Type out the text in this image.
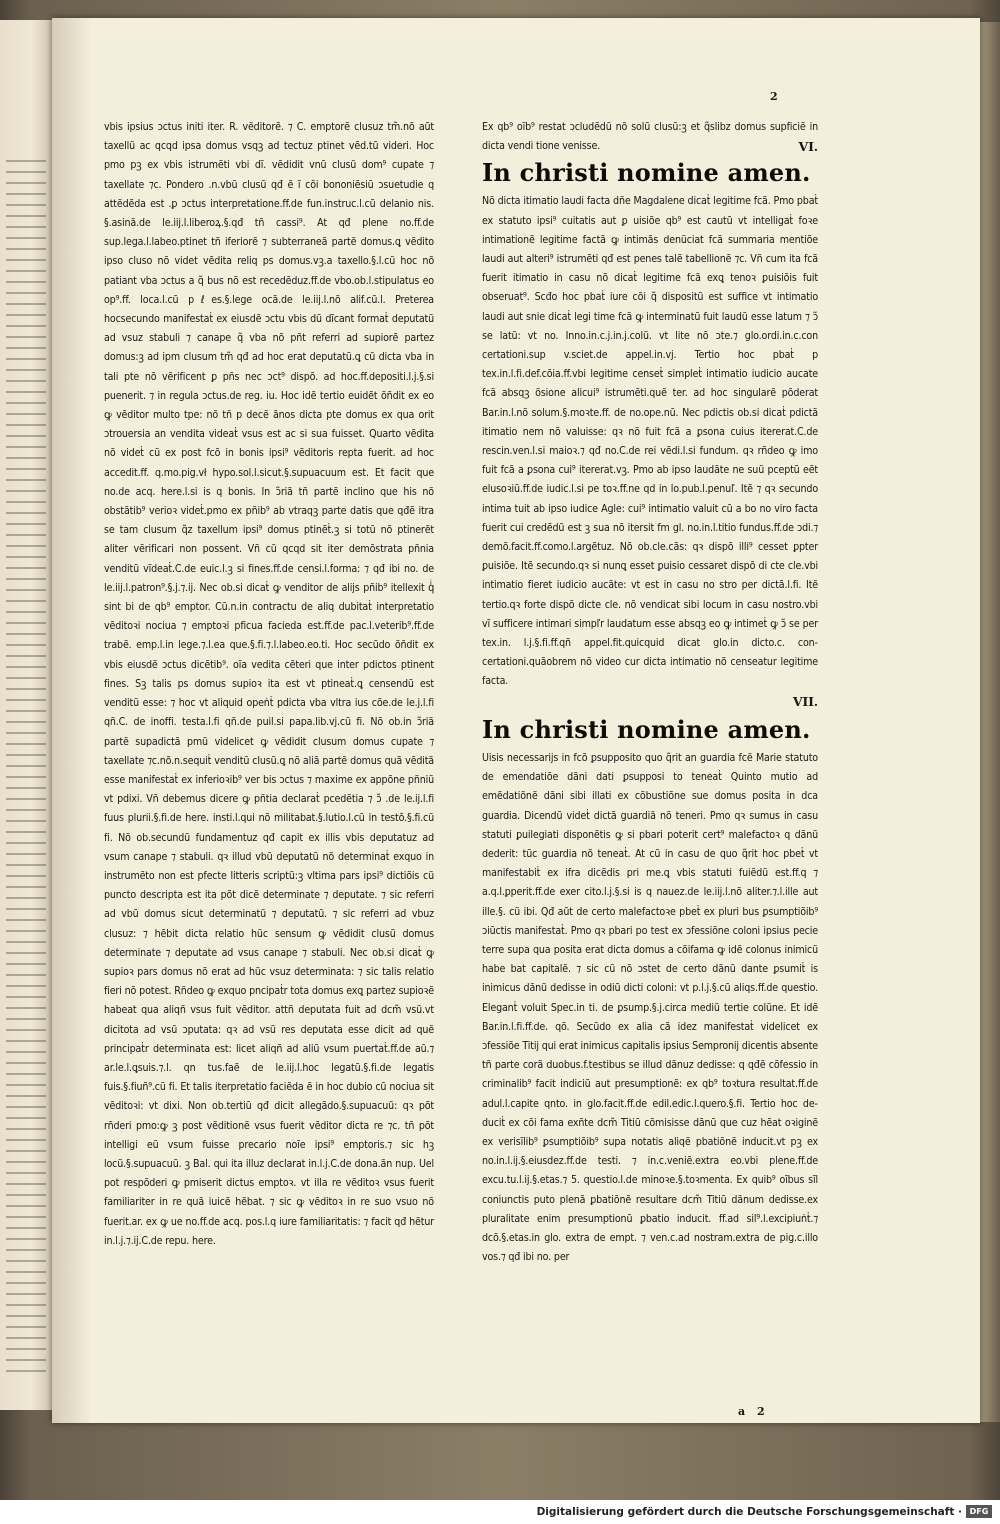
2

vbis ipsius ɔctus initi iter. R. vẽditorẽ. ⁊ C. emptorẽ clusuz tm̃.nõ aũt taxellũ ac qcqd ipsa domus vsqꝫ ad tectuz ptinet vẽd.tũ videri. Hoc pmo pꝫ ex vbis istrumẽti vbi dĩ. vẽdidit vnũ clusũ dom⁹ cupate ⁊ taxellate ⁊c. Pondero .n.vbũ clusũ qđ ẽ ĩ cõi bononiẽsiũ ɔsuetudie q attẽdẽda est .ꝑ ɔctus interpretatione.ff.de fun.instruc.l.cũ delanio nis. §.asinã.de le.iij.l.liberoꝝ.§.qđ tñ cassi⁹. At qđ plene no.ff.de sup.lega.l.labeo.ptinet tñ iferiorẽ ⁊ subterraneã partẽ domus.ꝗ vẽdito ipso cluso nõ videt vẽdita reliq ps domus.vꝫ.a taxello.§.l.cũ hoc nõ patiant vba ɔctus a q̃ bus nõ est recedẽduz.ff.de vbo.ob.l.stipulatus eo op⁹.ff. loca.l.cũ pℓes.§.lege ocã.de le.iij.l.nõ alif.cũ.l. Preterea hocsecundo manifestaṫ ex eiusdẽ ɔctu vbis dũ dĩcant formaṫ deputatũ ad vsuz stabuli ⁊ canape q̃ vba nõ pñt referri ad supiorẽ partez domus:ꝫ ad ipm clusum tm̃ qđ ad hoc erat deputatũ.ꝗ cũ dicta vba in tali pte nõ vẽrificent ꝑ pñs nec ɔct⁹ dispõ. ad hoc.ff.depositi.l.j.§.si puenerit. ⁊ in regula ɔctus.de reg. iu. Hoc idẽ tertio euidẽt õñdit ex eo ꝙ vẽditor multo tpe: nõ tñ p decẽ ãnos dicta pte domus ex qua orit ɔtrouersia an vendita videaṫ vsus est ac si sua fuisset. Quarto vẽdita nõ videṫ cũ ex post fcõ in bonis ipsi⁹ vẽditoris repta fuerit. ad hoc accedit.ff. q.mo.pig.vł hypo.sol.l.sicut.§.supuacuum est. Et facit que no.de acq. here.l.si is q bonis. In ɔ̃riã tñ partẽ inclino que his nõ obstãtib⁹ verioꝛ videṫ.pmo ex pñib⁹ ab vtraqꝫ parte datis que qđẽ itra se tam clusum q̃z taxellum ipsi⁹ domus ptinẽṫ.ꝫ si totũ nõ ptinerẽt aliter vẽrificari non possent. Vñ cũ qcqd sit iter demõstrata pñnia venditũ vĩdeaṫ.C.de euic.l.ꝫ si fines.ff.de censi.l.forma: ⁊ qđ ibi no. de le.iij.l.patron⁹.§.j.⁊.ij. Nec ob.si dicaṫ ꝙ venditor de alijs pñib⁹ itellexit qͥ sint bi de qb⁹ emptor. Cũ.n.in contractu de aliq dubitaṫ interpretatio vẽditoꝛi nociua ⁊ emptoꝛi pficua facieda est.ff.de pac.l.veterib⁹.ff.de trabẽ. emp.l.in lege.⁊.l.ea que.§.fi.⁊.l.labeo.eo.ti. Hoc secũdo õñdit ex vbis eiusdẽ ɔctus dicẽtib⁹. oĩa vedita cẽteri que inter pdictos ptinent fines. Sꝫ talis ps domus supioꝛ ita est vt ptineaṫ.ꝗ censendũ est venditũ esse: ⁊ hoc vt aliquid opeṅṫ pdicta vba vltra ius cõe.de le.j.l.fi qñ.C. de inoffi. testa.l.fi qñ.de puil.si papa.lib.vj.cũ fi. Nõ ob.in ɔ̃riã partẽ supadictã pmũ videlicet ꝙ vẽdidit clusum domus cupate ⁊ taxellate ⁊c.nõ.n.sequiṫ venditũ clusũ.ꝗ nõ aliã partẽ domus quã vẽditã esse manifestaṫ ex inferioꝛib⁹ ver bis ɔctus ⁊ maxime ex appõne pñniũ vt pdixi. Vñ debemus dicere ꝙ pñtia declaraṫ pcedẽtia ⁊ ɔ̃ .de le.ij.l.fi fuus plurii.§.fi.de here. insti.l.qui nõ militabat.§.lutio.l.cũ in testõ.§.fi.cũ fi. Nõ ob.secundũ fundamentuz qđ capit ex illis vbis deputatuz ad vsum canape ⁊ stabuli. qꝛ illud vbũ deputatũ nõ determinaṫ exquo in instrumẽto non est pfecte litteris scriptũ:ꝫ vltima pars ipsi⁹ dictiõis cũ puncto descripta est ita põt dicẽ determinate ⁊ deputate. ⁊ sic referri ad vbũ domus sicut determinatũ ⁊ deputatũ. ⁊ sic referri ad vbuz clusuz: ⁊ hẽbit dicta relatio hũc sensum ꝙ vẽdidit clusũ domus determinate ⁊ deputate ad vsus canape ⁊ stabuli. Nec ob.si dicaṫ ꝙ supioꝛ pars domus nõ erat ad hũc vsuz determinata: ⁊ sic talis relatio fieri nõ potest. Rñdeo ꝙ exquo pncipaṫr tota domus exꝗ partez supioꝛẽ habeat qua aliqñ vsus fuit vẽditor. attñ deputata fuit ad dcm̃ vsũ.vt dicitota ad vsũ ɔputata: qꝛ ad vsũ res deputata esse dicit ad quẽ principaṫr determinata est: licet aliqñ ad aliũ vsum puertaṫ.ff.de aũ.⁊ ar.le.l.ꝗsuis.⁊.l. qn tus.faẽ de le.iij.l.hoc legatũ.§.fi.de legatis fuis.§.fiuñ⁹.cũ fi. Et talis iterpretatio faciẽda ẽ in hoc dubio cũ nociua sit vẽditoꝛi: vt dixi. Non ob.tertiũ qđ dicit allegãdo.§.supuacuũ: qꝛ põt rñderi pmo:ꝙ ꝫ post vẽditionẽ vsus fuerit vẽditor dicta re ⁊c. tñ põt intelligi eũ vsum fuisse precario noĩe ipsi⁹ emptoris.⁊ sic hꝫ locũ.§.supuacuũ. ꝫ Bal. qui ita illuz declarat in.l.j.C.de dona.ãn nup. Uel pot respõderi ꝙ pmiserit dictus emptoꝛ. vt illa re vẽditoꝛ vsus fuerit familiariter in re quã iuicẽ hẽbat. ⁊ sic ꝙ vẽditoꝛ in re suo vsuo nõ fuerit.ar. ex ꝙ ue no.ff.de acq. pos.l.q iure familiaritatis: ⁊ facit qđ hẽtur in.l.j.⁊.ij.C.de repu. here.

Ex qb⁹ oĩb⁹ restat ɔcludẽdũ nõ solũ clusũ:ꝫ et q̃slibz domus supficiẽ in dicta vendi tione venisse.	VI.

In christi nomine amen.

Nõ dicta itimatio laudi facta dñe Magdalene dicaṫ legitime fcã. Pmo pbaṫ ex statuto ipsi⁹ cuitatis aut ꝑ uisiõe qb⁹ est cautũ vt intelligaṫ foꝛe intimationẽ legitime factã ꝙ intimãs denũciat fcã summaria mentiõe laudi aut alteri⁹ istrumẽti qđ est penes talẽ tabellionẽ ⁊c. Vñ cum ita fcã fuerit itimatio in casu nõ dicaṫ legitime fcã exꝗ tenoꝛ ꝑuisiõis fuit obseruat⁹. Scđo hoc pbaṫ iure cõi q̃ dispositũ est suffice vt intimatio laudi aut snie dicaṫ legi time fcã ꝙ interminatũ fuit laudũ esse latum ⁊ ɔ̃ se latũ: vt no. Inno.in.c.j.in.j.colũ. vt lite nõ ɔte.⁊ glo.ordi.in.c.con certationi.sup v.sciet.de appel.in.vj. Tertio hoc pbaṫ p tex.in.l.fi.def.cõia.ff.vbi legitime censeṫ simpleṫ intimatio iudicio aucate fcã absqꝫ õsione alicui⁹ istrumẽti.quẽ ter. ad hoc singularẽ põderat Bar.in.l.nõ solum.§.moꝛte.ff. de no.ope.nũ. Nec pdictis ob.si dicaṫ pdictã itimatio nem nõ valuisse: qꝛ nõ fuit fcã a ꝑsona cuius itererat.C.de rescin.ven.l.si maioꝛ.⁊ qđ no.C.de rei vẽdi.l.si fundum. qꝛ rñdeo ꝙ imo fuit fcã a ꝑsona cui⁹ itererat.vꝫ. Pmo ab ipso laudãte ne suũ pceptũ eẽt elusoꝛiũ.ff.de iudic.l.si pe toꝛ.ff.ne qd in lo.pub.l.penuľ. Itẽ ⁊ qꝛ secundo intima tuit ab ipso iudice Agle: cui⁹ intimatio valuit cũ a bo no viro facta fuerit cui credẽdũ est ꝫ sua nõ itersit fm gl. no.in.l.titio fundus.ff.de ɔdi.⁊ demõ.facit.ff.como.l.argẽtuz. Nõ ob.cle.cãs: qꝛ dispõ illi⁹ cesset ꝑpter ꝑuisiõe. Itẽ secundo.qꝛ si nunꝗ esset ꝑuisio cessaret dispõ di cte cle.vbi intimatio fieret iudicio aucãte: vt est in casu no stro per dictã.l.fi. Itẽ tertio.qꝛ forte dispõ dicte cle. nõ vendicat sibi locum in casu nostro.vbi vĩ sufficere intimari simpľr laudatum esse absqꝫ eo ꝙ intimeṫ ꝙ ɔ̃ se per tex.in. l.j.§.fi.ff.qñ appel.fit.quicquid dicat glo.in dicto.c. concertationi.quãobrem nõ video cur dicta intimatio nõ censeatur legitime facta.

VII.
In christi nomine amen.

Uisis necessarijs in fcõ ꝑsupposito quo q̃rit an guardia fcẽ Marie statuto de emendatiõe dãni dati ꝑsupposi to teneaṫ Quinto mutio ad emẽdatiõnẽ dãni sibi illati ex cõbustiõne sue domus posita in dca guardia. Dicendũ videṫ dictã guardiã nõ teneri. Pmo qꝛ sumus in casu statuti ꝑuilegiati disponẽtis ꝙ si pbari poterit cert⁹ malefactoꝛ q dãnũ dederit: tũc guardia nõ teneaṫ. At cũ in casu de quo q̃rit hoc pbeṫ vt manifestabiṫ ex ifra dicẽdis pri me.ꝗ vbis statuti fuiẽdũ est.ff.q ⁊ a.q.l.ꝑperit.ff.de exer cito.l.j.§.si is q nauez.de le.iij.l.nõ aliter.⁊.l.ille aut ille.§. cũ ibi. Qđ aũt de certo malefactoꝛe pbeṫ ex pluri bus ꝑsumptiõib⁹ ɔiũctis manifestaṫ. Pmo qꝛ pbari po test ex ɔfessiõne coloni ipsius pecie terre supa qua posita erat dicta domus a cõifama ꝙ idẽ colonus inimicũ habe bat capitalẽ. ⁊ sic cũ nõ ɔstet de certo dãnũ dante ꝑsumiṫ is inimicus dãnũ dedisse in odiũ dicti coloni: vt p.l.j.§.cũ aliqs.ff.de questio. Eleganṫ voluit Spec.in ti. de ꝑsump.§.j.circa mediũ tertie colũne. Et idẽ Bar.in.l.fi.ff.de. qõ. Secũdo ex alia cã idez manifestaṫ videlicet ex ɔfessiõe Titij qui erat inimicus capitalis ipsius Sempronij dicentis absente tñ parte corã duobus.f.testibus se illud dãnuz dedisse: q qđẽ cõfessio in criminalib⁹ facit indiciũ aut presumptionẽ: ex qb⁹ toꝛtura resultat.ff.de adul.l.capite qnto. in glo.facit.ff.de edil.edic.l.quero.§.fi. Tertio hoc deduciṫ ex cõi fama exñte dcm̃ Titiũ cõmisisse dãnũ que cuz hẽat oꝛiginẽ ex verisĩlib⁹ ꝑsumptiõib⁹ supa notatis aliqẽ pbatiõnẽ inducit.vt pꝫ ex no.in.l.ij.§.eiusdez.ff.de testi. ⁊ in.c.veniẽ.extra eo.vbi plene.ff.de excu.tu.l.ij.§.etas.⁊ 5. questio.l.de minoꝛe.§.toꝛmenta. Ex quib⁹ oĩbus sĩl coniunctis puto plenã ꝑbatiõnẽ resultare dcm̃ Titiũ dãnum dedisse.ex pluralitate enim presumptionũ ꝑbatio inducit. ff.ad sil⁹.l.excipiuṅṫ.⁊ dcõ.§.etas.in glo. extra de empt. ⁊ ven.c.ad nostram.extra de pig.c.illo vos.⁊ qđ ibi no. per

a 2
Digitalisierung gefördert durch die Deutsche Forschungsgemeinschaft · DFG
